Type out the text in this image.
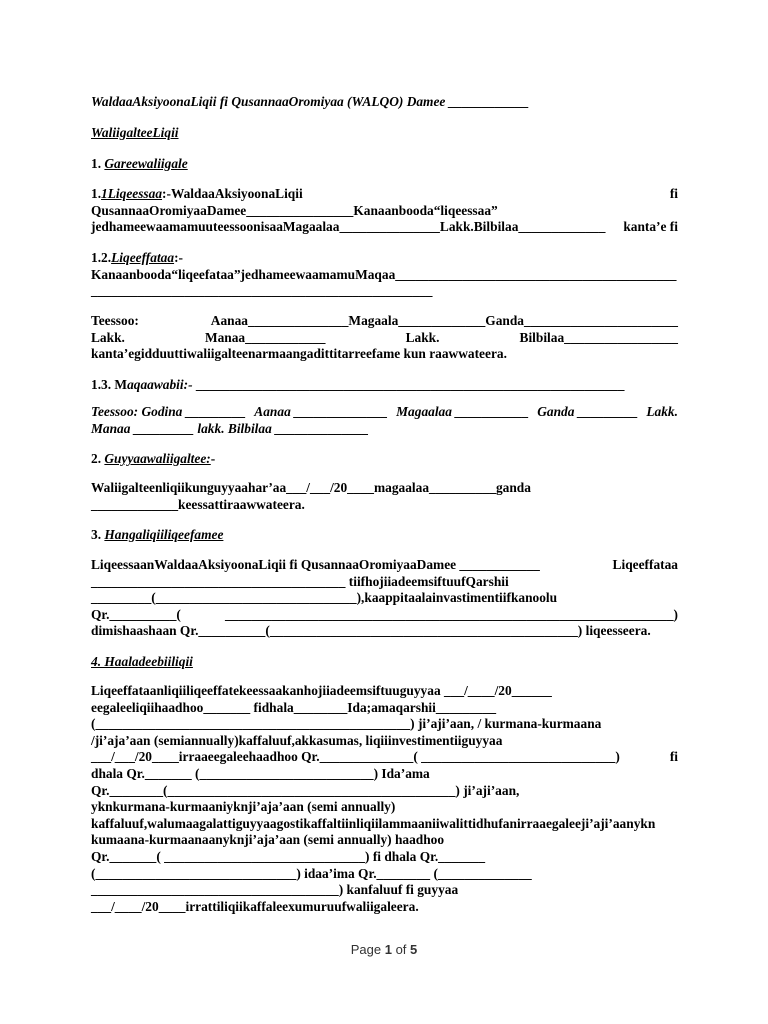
WaldaaAksiyoonaLiqii fi QusannaaOromiyaa (WALQO) Damee ____________
WaliigalteeLiqii
1. Gareewaliigale
1.1Liqeessaa:-WaldaaAksiyoonaLiqii	fi
QusannaaOromiyaaDamee________________Kanaanbooda“liqeessaa”
jedhameewaamamuuteessoonisaaMagaalaa_______________Lakk.Bilbilaa_____________ kanta’e fi
1.2.Liqeeffataa:-
Kanaanbooda“liqeefataa”jedhameewaamamuMaqaa__________________________________________
___________________________________________________
Teessoo:	Aanaa_______________Magaala_____________Ganda_______________________
Lakk.	Manaa____________	Lakk.	Bilbilaa_________________
kanta’egidduuttiwaliigalteenarmaangadittitarreefame kun raawwateera.
1.3. Maqaawabii:- ________________________________________________________________
Teessoo: Godina _________ Aanaa ______________ Magaalaa ___________ Ganda _________ Lakk.
Manaa _________ lakk. Bilbilaa ______________
2. Guyyaawaliigaltee:-
Waliigalteenliqiikunguyyaahar’aa___/___/20____magaalaa__________ganda
_____________keessattiraawwateera.
3. Hangaliqiiliqeefamee
LiqeessaanWaldaaAksiyoonaLiqii fi QusannaaOromiyaaDamee ____________	Liqeeffataa
______________________________________ tiifhojiiadeemsiftuufQarshii
_________(______________________________),kaappitaalainvastimentiifkanoolu
Qr.__________(	___________________________________________________________________)
dimishaashaan Qr.__________(______________________________________________) liqeesseera.
4. Haaladeebiiliqii
Liqeeffataanliqiiliqeeffatekeessaakanhojiiadeemsiftuuguyyaa ___/____/20______
eegaleeliqiihaadhoo_______ fidhala________Ida;amaqarshii_________
(_______________________________________________) ji’aji’aan, / kurmana-kurmaana
/ji’aja’aan (semiannually)kaffaluuf,akkasumas, liqiiinvestimentiiguyyaa
___/___/20____irraaeegaleehaadhoo Qr.______________( _____________________________)	fi
dhala Qr._______ (__________________________) Ida’ama
Qr.________(___________________________________________) ji’aji’aan,
yknkurmana-kurmaaniyknji’aja’aan (semi annually)
kaffaluuf,walumaagalattiguyyaagostikaffaltiinliqiilammaaniiwalittidhufanirraaegaleeji’aji’aanykn
kumaana-kurmaanaanyknji’aja’aan (semi annually) haadhoo
Qr._______( ______________________________) fi dhala Qr._______
(______________________________) idaa’ima Qr.________ (______________
_____________________________________) kanfaluuf fi guyyaa
___/____/20____irrattiliqiikaffaleexumuruufwaliigaleera.
Page 1 of 5
